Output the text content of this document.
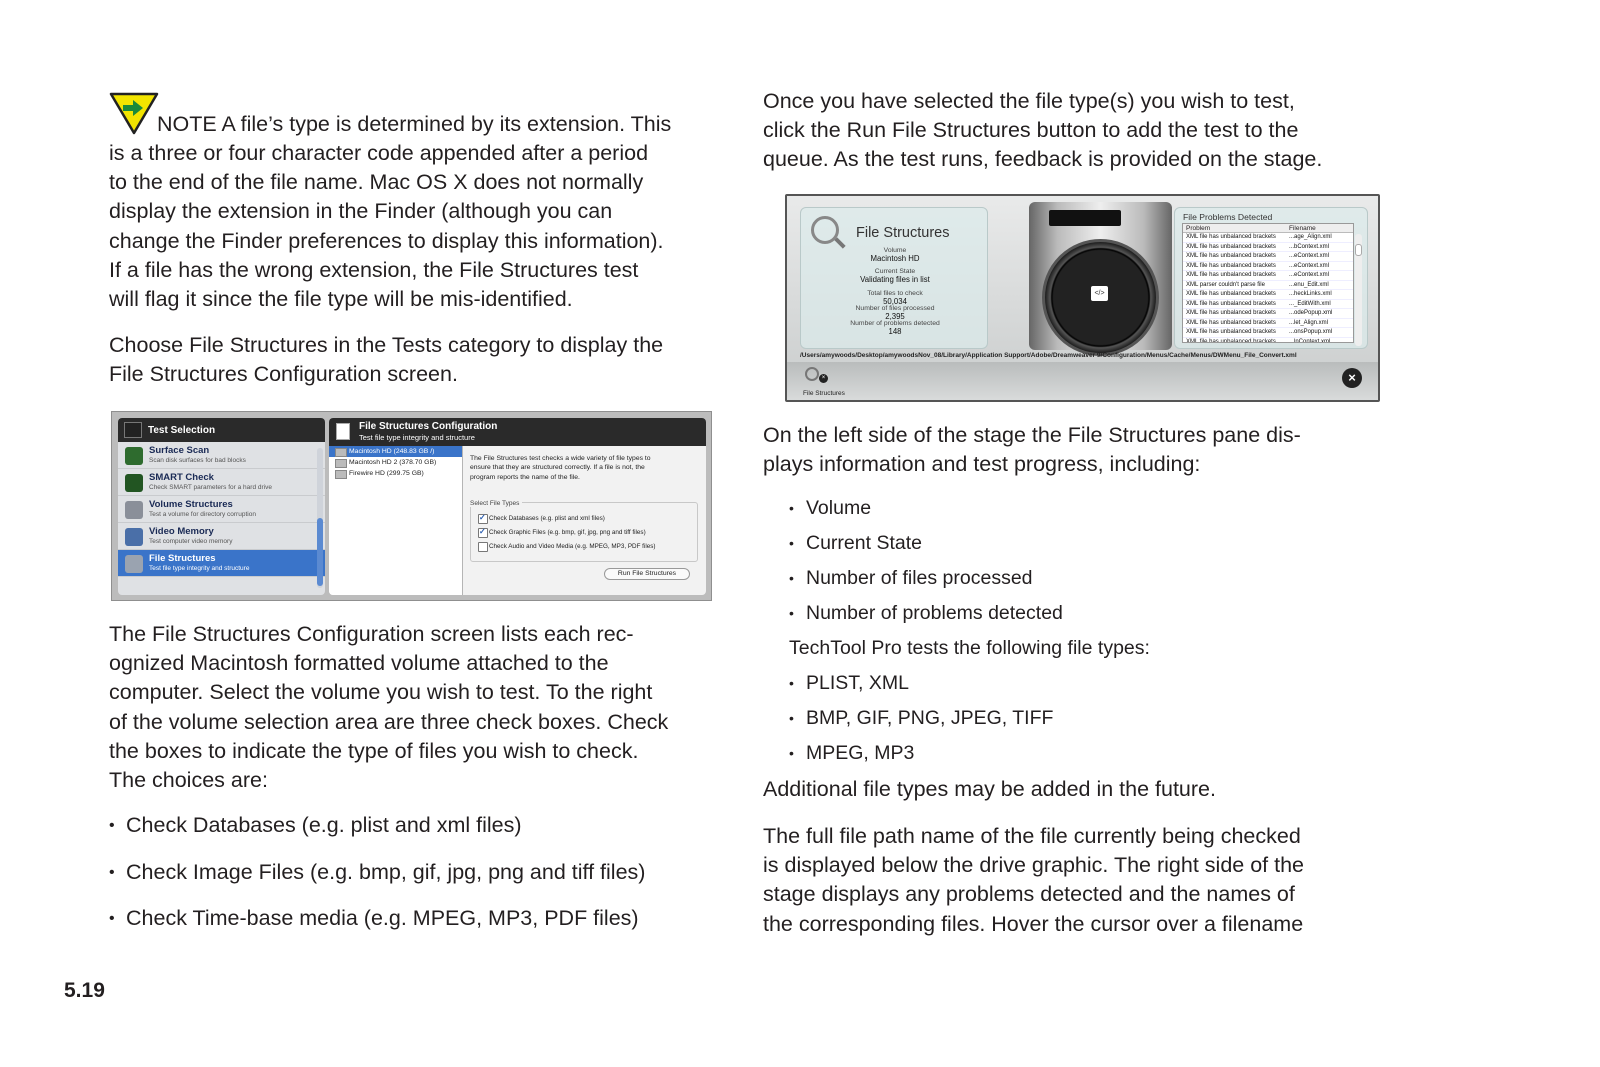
NOTE A file’s type is determined by its extension. This
is a three or four character code appended after a period
to the end of the file name. Mac OS X does not normally
display the extension in the Finder (although you can
change the Finder preferences to display this information).
If a file has the wrong extension, the File Structures test
will flag it since the file type will be mis-identified.
Choose File Structures in the Tests category to display the
File Structures Configuration screen.
Test Selection
Surface Scan
Scan disk surfaces for bad blocks
SMART Check
Check SMART parameters for a hard drive
Volume Structures
Test a volume for directory corruption
Video Memory
Test computer video memory
File Structures
Test file type integrity and structure
File Structures Configuration
Test file type integrity and structure
Macintosh HD (248.83 GB /)
Macintosh HD 2 (378.70 GB)
Firewire HD (299.75 GB)
The File Structures test checks a wide variety of file types to
ensure that they are structured correctly. If a file is not, the
program reports the name of the file.
Select File Types
Check Databases (e.g. plist and xml files) ✓
Check Graphic Files (e.g. bmp, gif, jpg, png and tiff files) ✓
Check Audio and Video Media (e.g. MPEG, MP3, PDF files)
Run File Structures
The File Structures Configuration screen lists each rec-
ognized Macintosh formatted volume attached to the
computer. Select the volume you wish to test. To the right
of the volume selection area are three check boxes. Check
the boxes to indicate the type of files you wish to check.
The choices are:
• Check Databases (e.g. plist and xml files)
• Check Image Files (e.g. bmp, gif, jpg, png and tiff files)
• Check Time-base media (e.g. MPEG, MP3, PDF files)
5.19
Once you have selected the file type(s) you wish to test,
click the Run File Structures button to add the test to the
queue. As the test runs, feedback is provided on the stage.
File Structures
Volume
Macintosh HD
Current State
Validating files in list
Total files to check
50,034
Number of files processed
2,395
Number of problems detected
148
</>
File Problems Detected
Problem	Filename
XML file has unbalanced brackets	...age_Align.xml
XML file has unbalanced brackets	...bContext.xml
XML file has unbalanced brackets	...eContext.xml
XML file has unbalanced brackets	...eContext.xml
XML file has unbalanced brackets	...eContext.xml
XML parser couldn't parse file	...enu_Edit.xml
XML file has unbalanced brackets	...heckLinks.xml
XML file has unbalanced brackets	..._EditWith.xml
XML file has unbalanced brackets	...odePopup.xml
XML file has unbalanced brackets	...let_Align.xml
XML file has unbalanced brackets	...onsPopup.xml
XML file has unbalanced brackets	...lnContext.xml
/Users/amywoods/Desktop/amywoodsNov_08/Library/Application Support/Adobe/Dreamweaver 9/Configuration/Menus/Cache/Menus/DWMenu_File_Convert.xml
×
File Structures
×
On the left side of the stage the File Structures pane dis-
plays information and test progress, including:
• Volume
• Current State
• Number of files processed
• Number of problems detected
TechTool Pro tests the following file types:
• PLIST, XML
• BMP, GIF, PNG, JPEG, TIFF
• MPEG, MP3
Additional file types may be added in the future.
The full file path name of the file currently being checked
is displayed below the drive graphic. The right side of the
stage displays any problems detected and the names of
the corresponding files. Hover the cursor over a filename
